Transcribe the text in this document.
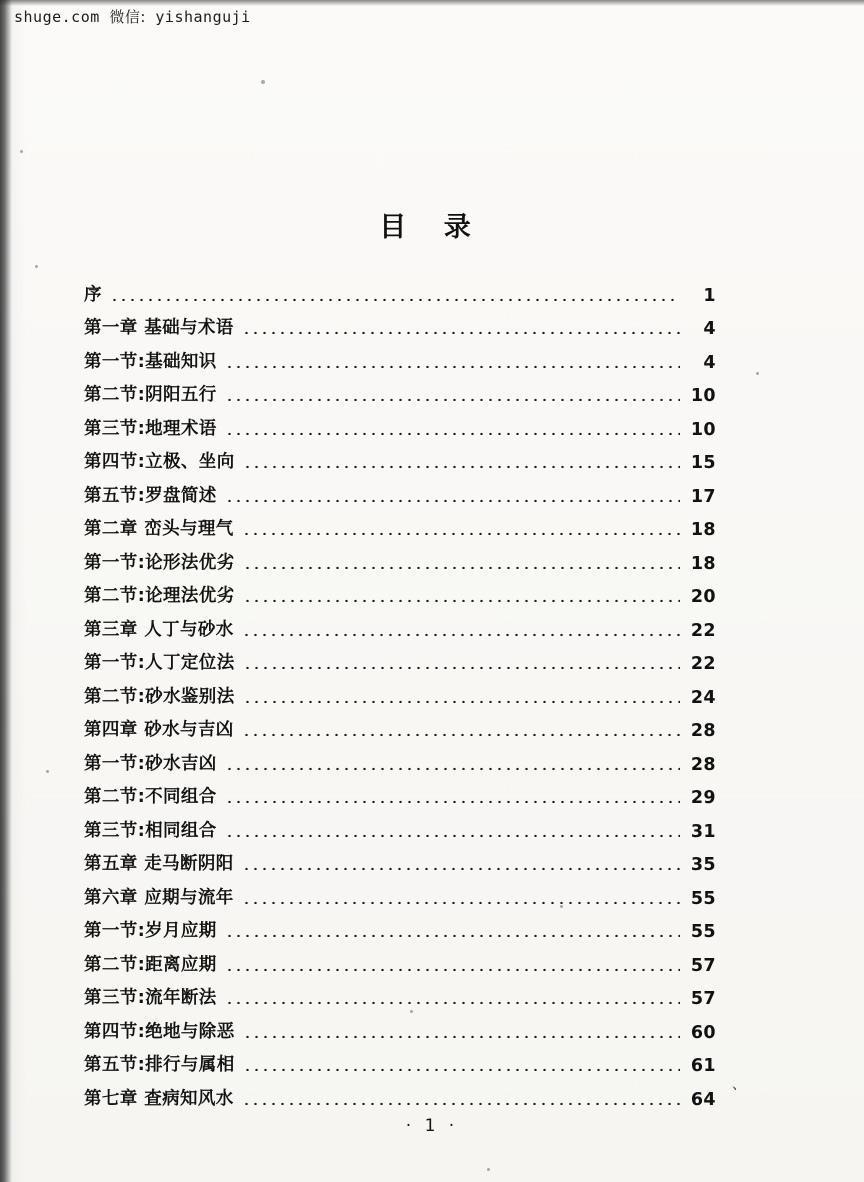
shuge.com 微信: yishanguji
目 录
序	1
第一章 基础与术语	4
第一节:基础知识	4
第二节:阴阳五行	10
第三节:地理术语	10
第四节:立极、坐向	15
第五节:罗盘简述	17
第二章 峦头与理气	18
第一节:论形法优劣	18
第二节:论理法优劣	20
第三章 人丁与砂水	22
第一节:人丁定位法	22
第二节:砂水鉴别法	24
第四章 砂水与吉凶	28
第一节:砂水吉凶	28
第二节:不同组合	29
第三节:相同组合	31
第五章 走马断阴阳	35
第六章 应期与流年	55
第一节:岁月应期	55
第二节:距离应期	57
第三节:流年断法	57
第四节:绝地与除恶	60
第五节:排行与属相	61
第七章 查病知风水	64
· 1 ·
、
